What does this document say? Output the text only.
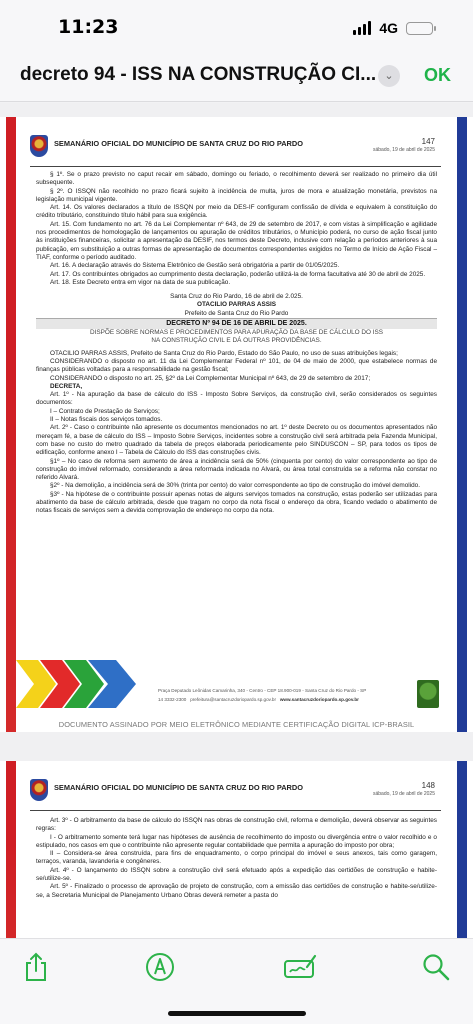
11:23	4G
decreto 94 - ISS NA CONSTRUÇÃO CI... ⌄	OK
SEMANÁRIO OFICIAL DO MUNICÍPIO DE SANTA CRUZ DO RIO PARDO	147
sábado, 19 de abril de 2025

§ 1º. Se o prazo previsto no caput recair em sábado, domingo ou feriado, o recolhimento deverá ser realizado no primeiro dia útil subsequente.

§ 2º. O ISSQN não recolhido no prazo ficará sujeito à incidência de multa, juros de mora e atualização monetária, previstos na legislação municipal vigente.

Art. 14. Os valores declarados a título de ISSQN por meio da DES-IF configuram confissão de dívida e equivalem à constituição do crédito tributário, constituindo título hábil para sua exigência.

Art. 15. Com fundamento no art. 76 da Lei Complementar nº 643, de 29 de setembro de 2017, e com vistas à simplificação e agilidade nos procedimentos de homologação de lançamentos ou apuração de créditos tributários, o Município poderá, no curso de ação fiscal junto às instituições financeiras, solicitar a apresentação da DESIF, nos termos deste Decreto, inclusive com relação a períodos anteriores à sua publicação, em substituição a outras formas de apresentação de documentos correspondentes exigidos no Termo de Início de Ação Fiscal – TIAF, conforme o período auditado.

Art. 16. A declaração através do Sistema Eletrônico de Gestão será obrigatória a partir de 01/05/2025.

Art. 17. Os contribuintes obrigados ao cumprimento desta declaração, poderão utilizá-la de forma facultativa até 30 de abril de 2025.

Art. 18. Este Decreto entra em vigor na data de sua publicação.

Santa Cruz do Rio Pardo, 16 de abril de 2.025.

OTACILIO PARRAS ASSIS

Prefeito de Santa Cruz do Rio Pardo

DECRETO Nº 94 DE 16 DE ABRIL DE 2025.

DISPÕE SOBRE NORMAS E PROCEDIMENTOS PARA APURAÇÃO DA BASE DE CÁLCULO DO ISS

NA CONSTRUÇÃO CIVIL E DÁ OUTRAS PROVIDÊNCIAS.

OTACILIO PARRAS ASSIS, Prefeito de Santa Cruz do Rio Pardo, Estado do São Paulo, no uso de suas atribuições legais;

CONSIDERANDO o disposto no art. 11 da Lei Complementar Federal nº 101, de 04 de maio de 2000, que estabelece normas de finanças públicas voltadas para a responsabilidade na gestão fiscal;

CONSIDERANDO o disposto no art. 25, §2º da Lei Complementar Municipal nº 643, de 29 de setembro de 2017;

DECRETA,

Art. 1º - Na apuração da base de cálculo do ISS - Imposto Sobre Serviços, da construção civil, serão considerados os seguintes documentos:

I – Contrato de Prestação de Serviços;

II – Notas fiscais dos serviços tomados.

Art. 2º - Caso o contribuinte não apresente os documentos mencionados no art. 1º deste Decreto ou os documentos apresentados não mereçam fé, a base de cálculo do ISS – Imposto Sobre Serviços, incidentes sobre a construção civil será arbitrada pela Fazenda Municipal, com base no custo do metro quadrado da tabela de preços elaborada periodicamente pelo SINDUSCON – SP, para todos os tipos de edificação, conforme anexo I – Tabela de Cálculo do ISS das construções civis.

§1º – No caso de reforma sem aumento de área a incidência será de 50% (cinquenta por cento) do valor correspondente ao tipo de construção do imóvel reformado, considerando a área reformada indicada no Alvará, ou área total construída se a reforma não constar no referido Alvará.

§2º - Na demolição, a incidência será de 30% (trinta por cento) do valor correspondente ao tipo de construção do imóvel demolido.

§3º - Na hipótese de o contribuinte possuir apenas notas de alguns serviços tomados na construção, estas poderão ser utilizadas para abatimento da base de cálculo arbitrada, desde que tragam no corpo da nota fiscal o endereço da obra, ficando vedado o abatimento de notas fiscais de serviços sem a devida comprovação de endereço no corpo da nota.

Praça Deputado Leônidas Camarinha, 340 - Centro - CEP 18.900-019 - Santa Cruz do Rio Pardo - SP
14 3332-2300 prefeitura@santacruzdoriopardo.sp.gov.br www.santacruzdoriopardo.sp.gov.br
DOCUMENTO ASSINADO POR MEIO ELETRÔNICO MEDIANTE CERTIFICAÇÃO DIGITAL ICP-BRASIL
SEMANÁRIO OFICIAL DO MUNICÍPIO DE SANTA CRUZ DO RIO PARDO	148
sábado, 19 de abril de 2025

Art. 3º - O arbitramento da base de cálculo do ISSQN nas obras de construção civil, reforma e demolição, deverá observar as seguintes regras:

I - O arbitramento somente terá lugar nas hipóteses de ausência de recolhimento do imposto ou divergência entre o valor recolhido e o estipulado, nos casos em que o contribuinte não apresente regular contabilidade que permita a apuração do imposto por obra;

II – Considera-se área construída, para fins de enquadramento, o corpo principal do imóvel e seus anexos, tais como garagem, terraços, varanda, lavanderia e congêneres.

Art. 4º - O lançamento do ISSQN sobre a construção civil será efetuado após a expedição das certidões de construção e habite-se/utilize-se.

Art. 5º - Finalizado o processo de aprovação de projeto de construção, com a emissão das certidões de construção e habite-se/utilize-se, a Secretaria Municipal de Planejamento Urbano Obras deverá remeter a pasta do
